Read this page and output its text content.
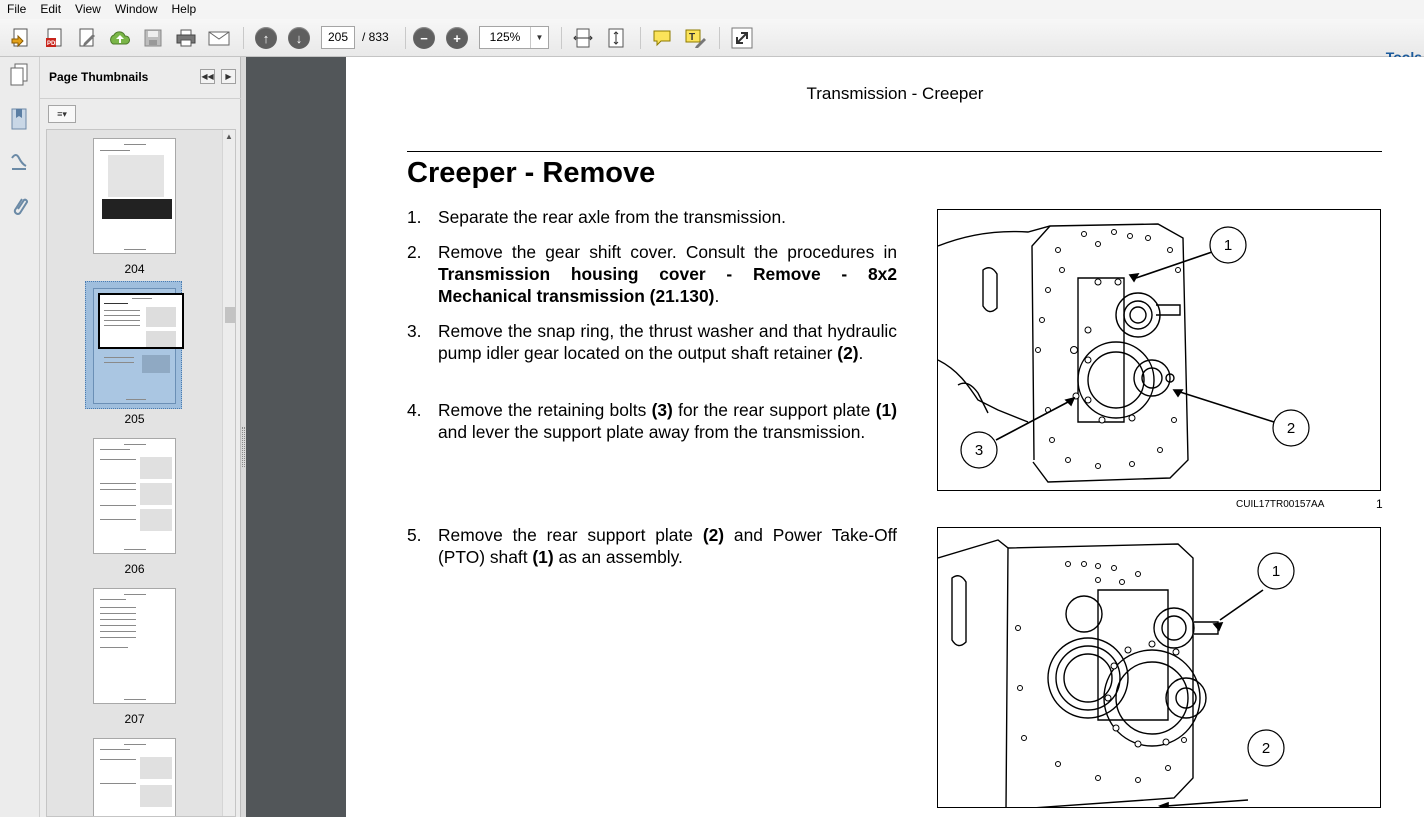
File	Edit	View	Window	Help
PDF	↑	↓	−	+	T
205	/ 833	125%	▼
Page Thumbnails	◀◀	▶
≡▾
204
205
206
207
▲
Transmission - Creeper
Creeper - Remove
1. Separate the rear axle from the transmission.
2. Remove the gear shift cover. Consult the procedures in Transmission housing cover - Remove - 8x2 Mechanical transmission (21.130).
3. Remove the snap ring, the thrust washer and that hydraulic pump idler gear located on the output shaft retainer (2).
4. Remove the retaining bolts (3) for the rear support plate (1) and lever the support plate away from the transmission.
5. Remove the rear support plate (2) and Power Take-Off (PTO) shaft (1) as an assembly.
1
2
3
CUIL17TR00157AA	1
1
2
